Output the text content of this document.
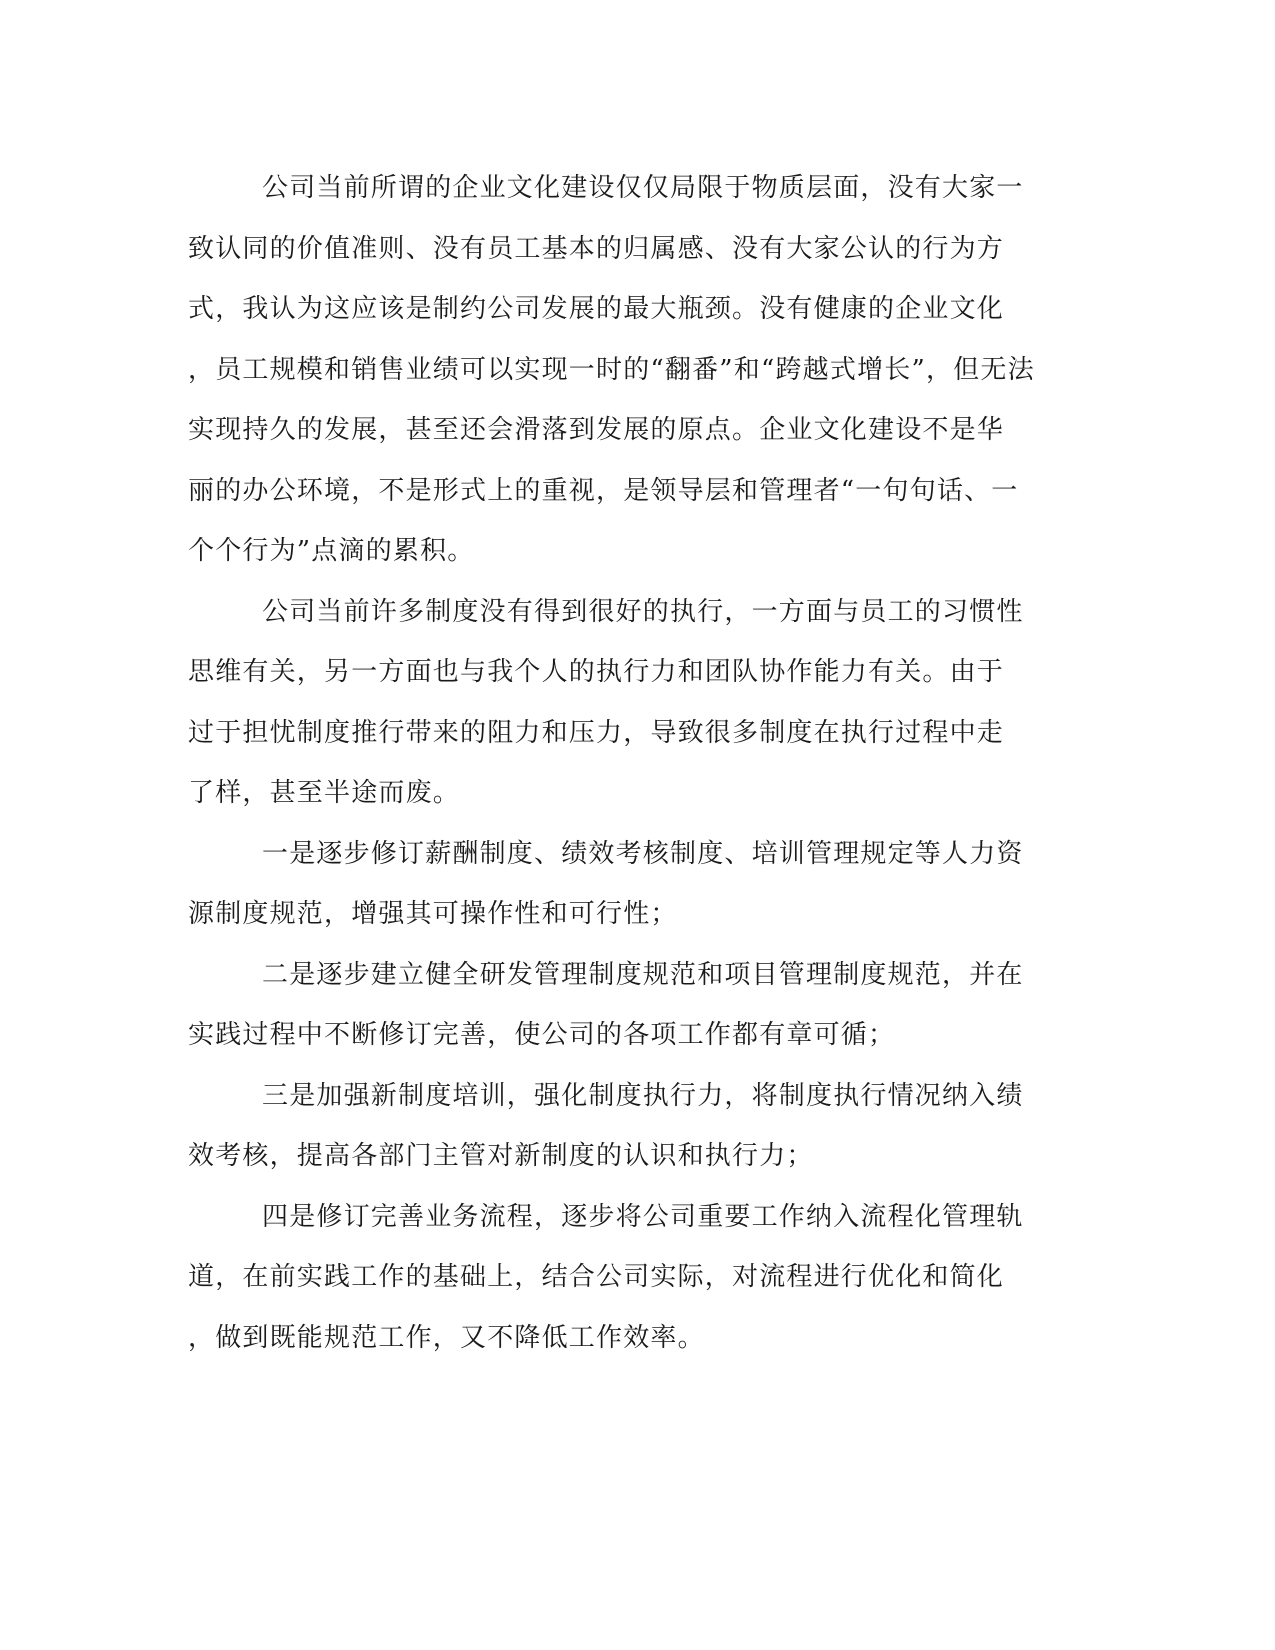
公司当前所谓的企业文化建设仅仅局限于物质层面，没有大家一
致认同的价值准则、没有员工基本的归属感、没有大家公认的行为方
式，我认为这应该是制约公司发展的最大瓶颈。没有健康的企业文化
，员工规模和销售业绩可以实现一时的“翻番”和“跨越式增长”，但无法
实现持久的发展，甚至还会滑落到发展的原点。企业文化建设不是华
丽的办公环境，不是形式上的重视，是领导层和管理者“一句句话、一
个个行为”点滴的累积。
公司当前许多制度没有得到很好的执行，一方面与员工的习惯性
思维有关，另一方面也与我个人的执行力和团队协作能力有关。由于
过于担忧制度推行带来的阻力和压力，导致很多制度在执行过程中走
了样，甚至半途而废。
一是逐步修订薪酬制度、绩效考核制度、培训管理规定等人力资
源制度规范，增强其可操作性和可行性；
二是逐步建立健全研发管理制度规范和项目管理制度规范，并在
实践过程中不断修订完善，使公司的各项工作都有章可循；
三是加强新制度培训，强化制度执行力，将制度执行情况纳入绩
效考核，提高各部门主管对新制度的认识和执行力；
四是修订完善业务流程，逐步将公司重要工作纳入流程化管理轨
道，在前实践工作的基础上，结合公司实际，对流程进行优化和简化
，做到既能规范工作，又不降低工作效率。
